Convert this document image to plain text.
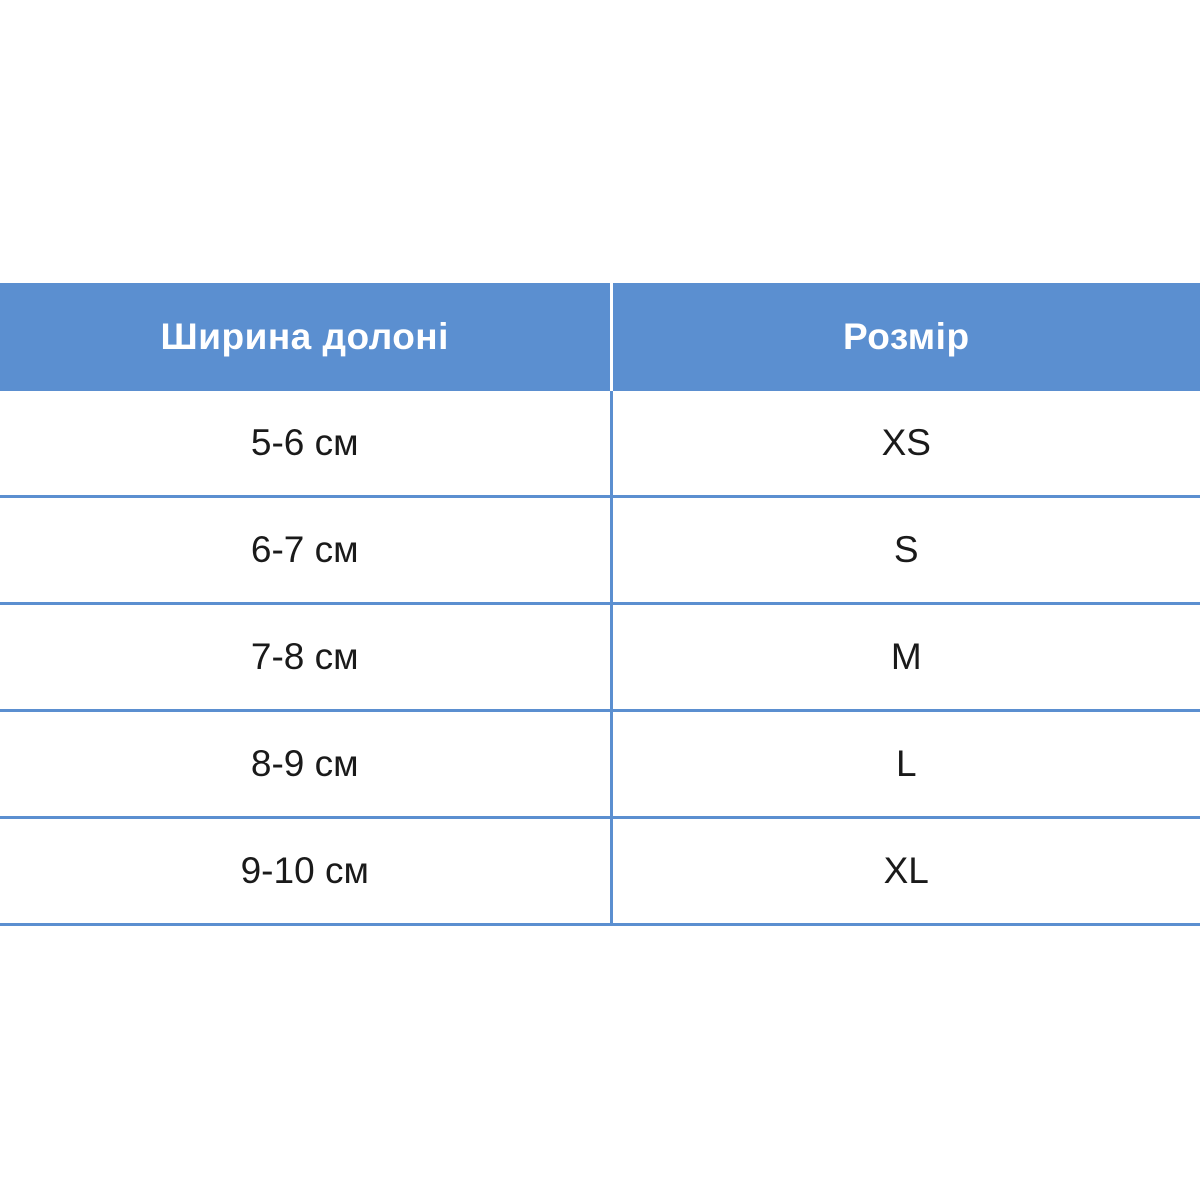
Ширина долоні	Розмір
5-6 см	XS
6-7 см	S
7-8 см	M
8-9 см	L
9-10 см	XL
